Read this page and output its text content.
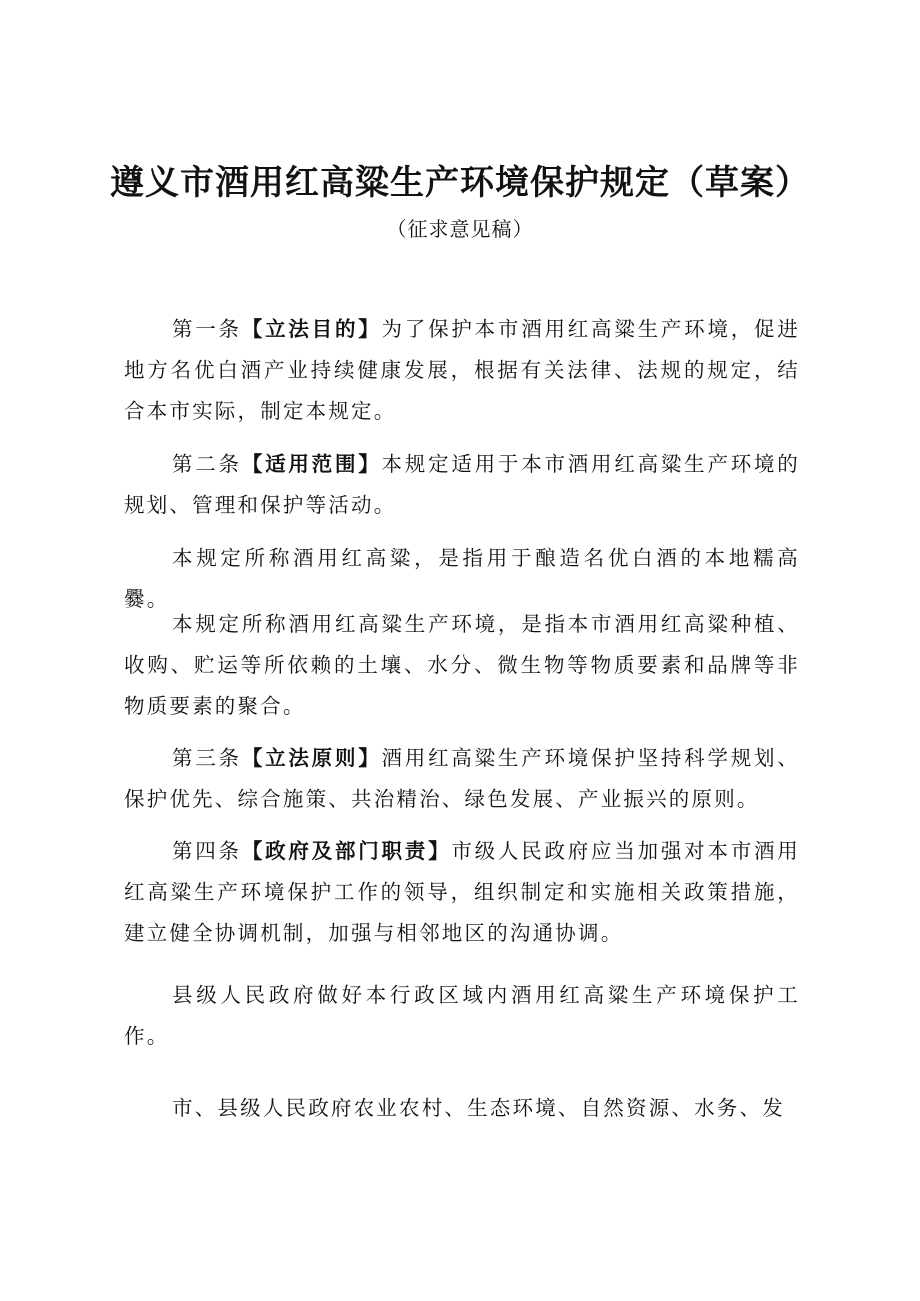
遵义市酒用红高粱生产环境保护规定（草案）
（征求意见稿）

第一条【立法目的】为了保护本市酒用红高粱生产环境，促进地方名优白酒产业持续健康发展，根据有关法律、法规的规定，结合本市实际，制定本规定。

第二条【适用范围】本规定适用于本市酒用红高粱生产环境的规划、管理和保护等活动。

本规定所称酒用红高粱，是指用于酿造名优白酒的本地糯高爨。

本规定所称酒用红高粱生产环境，是指本市酒用红高粱种植、收购、贮运等所依赖的土壤、水分、微生物等物质要素和品牌等非物质要素的聚合。

第三条【立法原则】酒用红高粱生产环境保护坚持科学规划、保护优先、综合施策、共治精治、绿色发展、产业振兴的原则。

第四条【政府及部门职责】市级人民政府应当加强对本市酒用红高粱生产环境保护工作的领导，组织制定和实施相关政策措施，建立健全协调机制，加强与相邻地区的沟通协调。

县级人民政府做好本行政区域内酒用红高粱生产环境保护工作。

市、县级人民政府农业农村、生态环境、自然资源、水务、发
